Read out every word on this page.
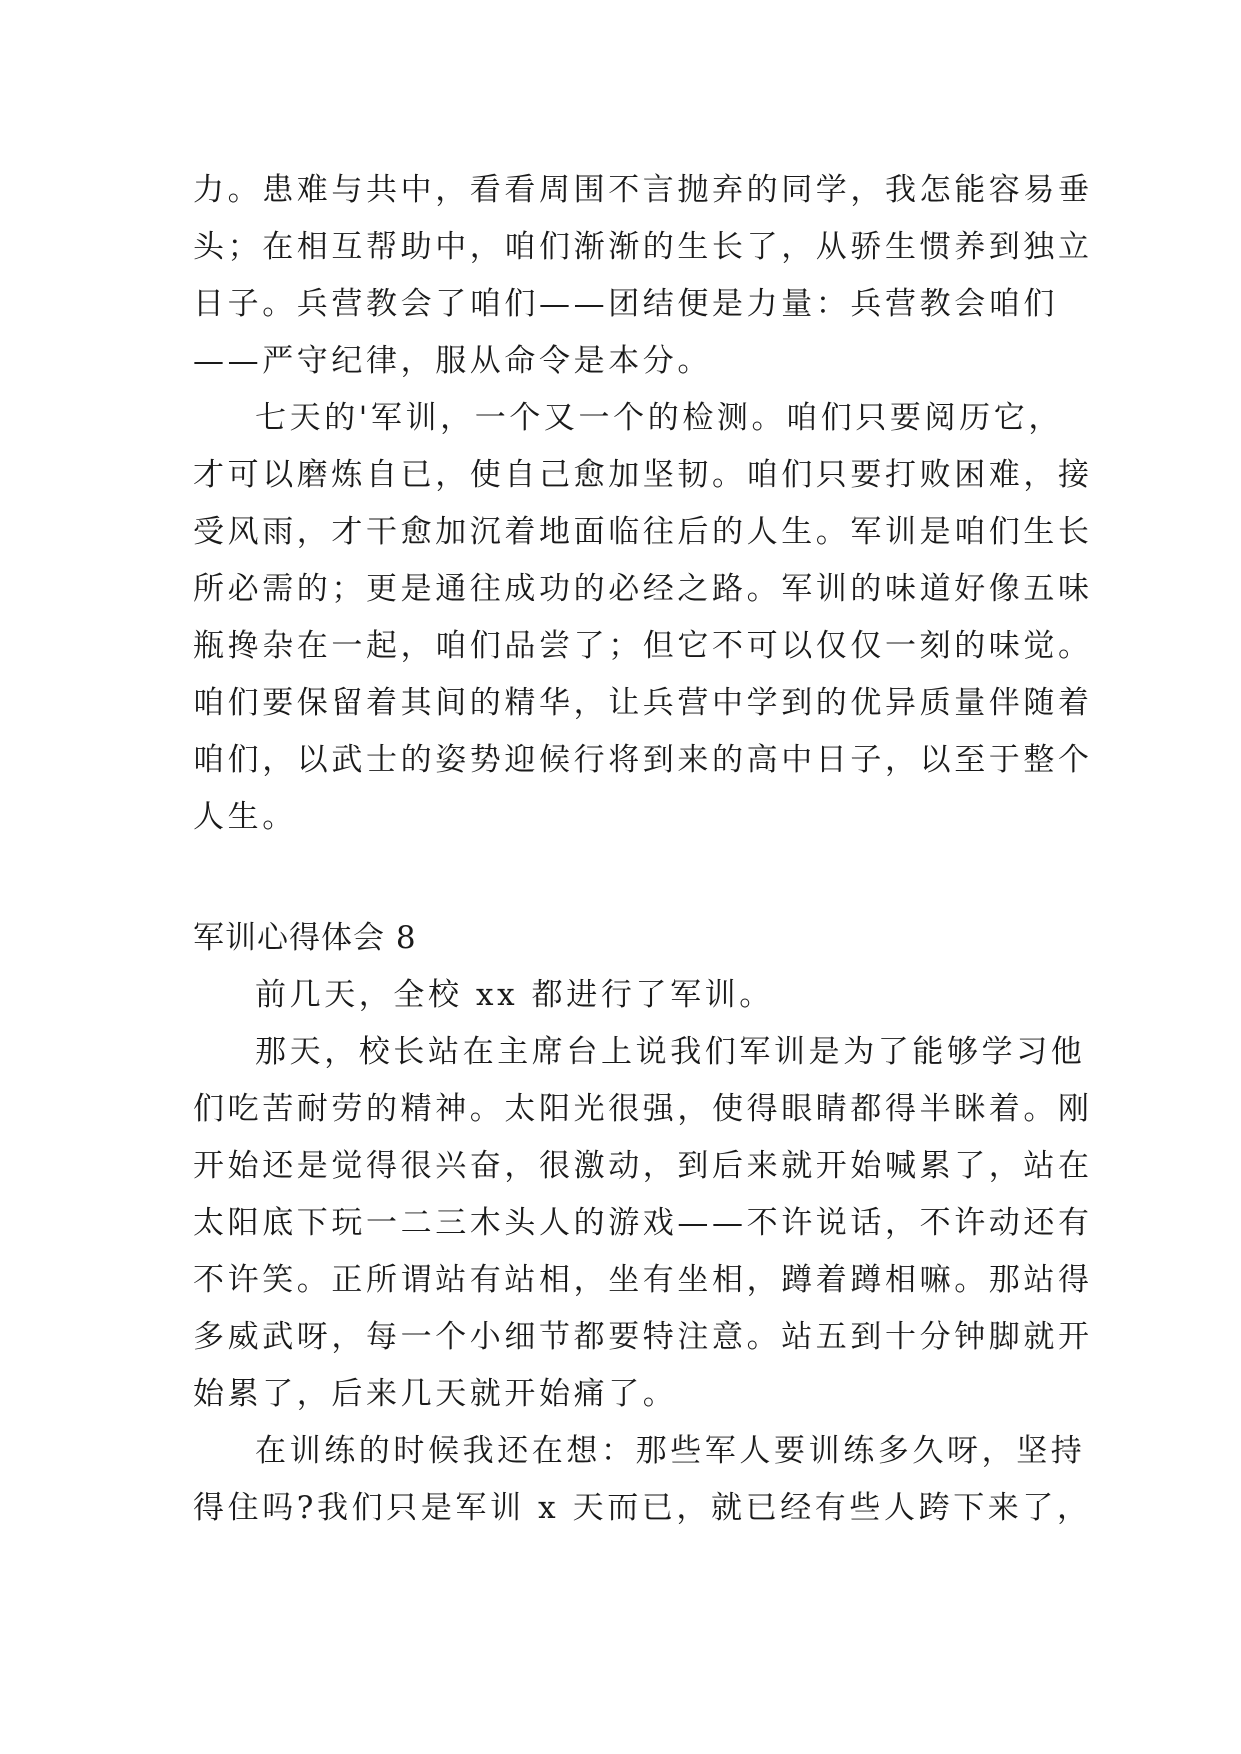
力。患难与共中，看看周围不言抛弃的同学，我怎能容易垂
头；在相互帮助中，咱们渐渐的生长了，从骄生惯养到独立
日子。兵营教会了咱们——团结便是力量：兵营教会咱们
——严守纪律，服从命令是本分。
七天的'军训，一个又一个的检测。咱们只要阅历它，
才可以磨炼自已，使自己愈加坚韧。咱们只要打败困难，接
受风雨，才干愈加沉着地面临往后的人生。军训是咱们生长
所必需的；更是通往成功的必经之路。军训的味道好像五味
瓶搀杂在一起，咱们品尝了；但它不可以仅仅一刻的味觉。
咱们要保留着其间的精华，让兵营中学到的优异质量伴随着
咱们，以武士的姿势迎候行将到来的高中日子，以至于整个
人生。
军训心得体会 8
前几天，全校 xx 都进行了军训。
那天，校长站在主席台上说我们军训是为了能够学习他
们吃苦耐劳的精神。太阳光很强，使得眼睛都得半眯着。刚
开始还是觉得很兴奋，很激动，到后来就开始喊累了，站在
太阳底下玩一二三木头人的游戏——不许说话，不许动还有
不许笑。正所谓站有站相，坐有坐相，蹲着蹲相嘛。那站得
多威武呀，每一个小细节都要特注意。站五到十分钟脚就开
始累了，后来几天就开始痛了。
在训练的时候我还在想：那些军人要训练多久呀，坚持
得住吗?我们只是军训 x 天而已，就已经有些人跨下来了，
